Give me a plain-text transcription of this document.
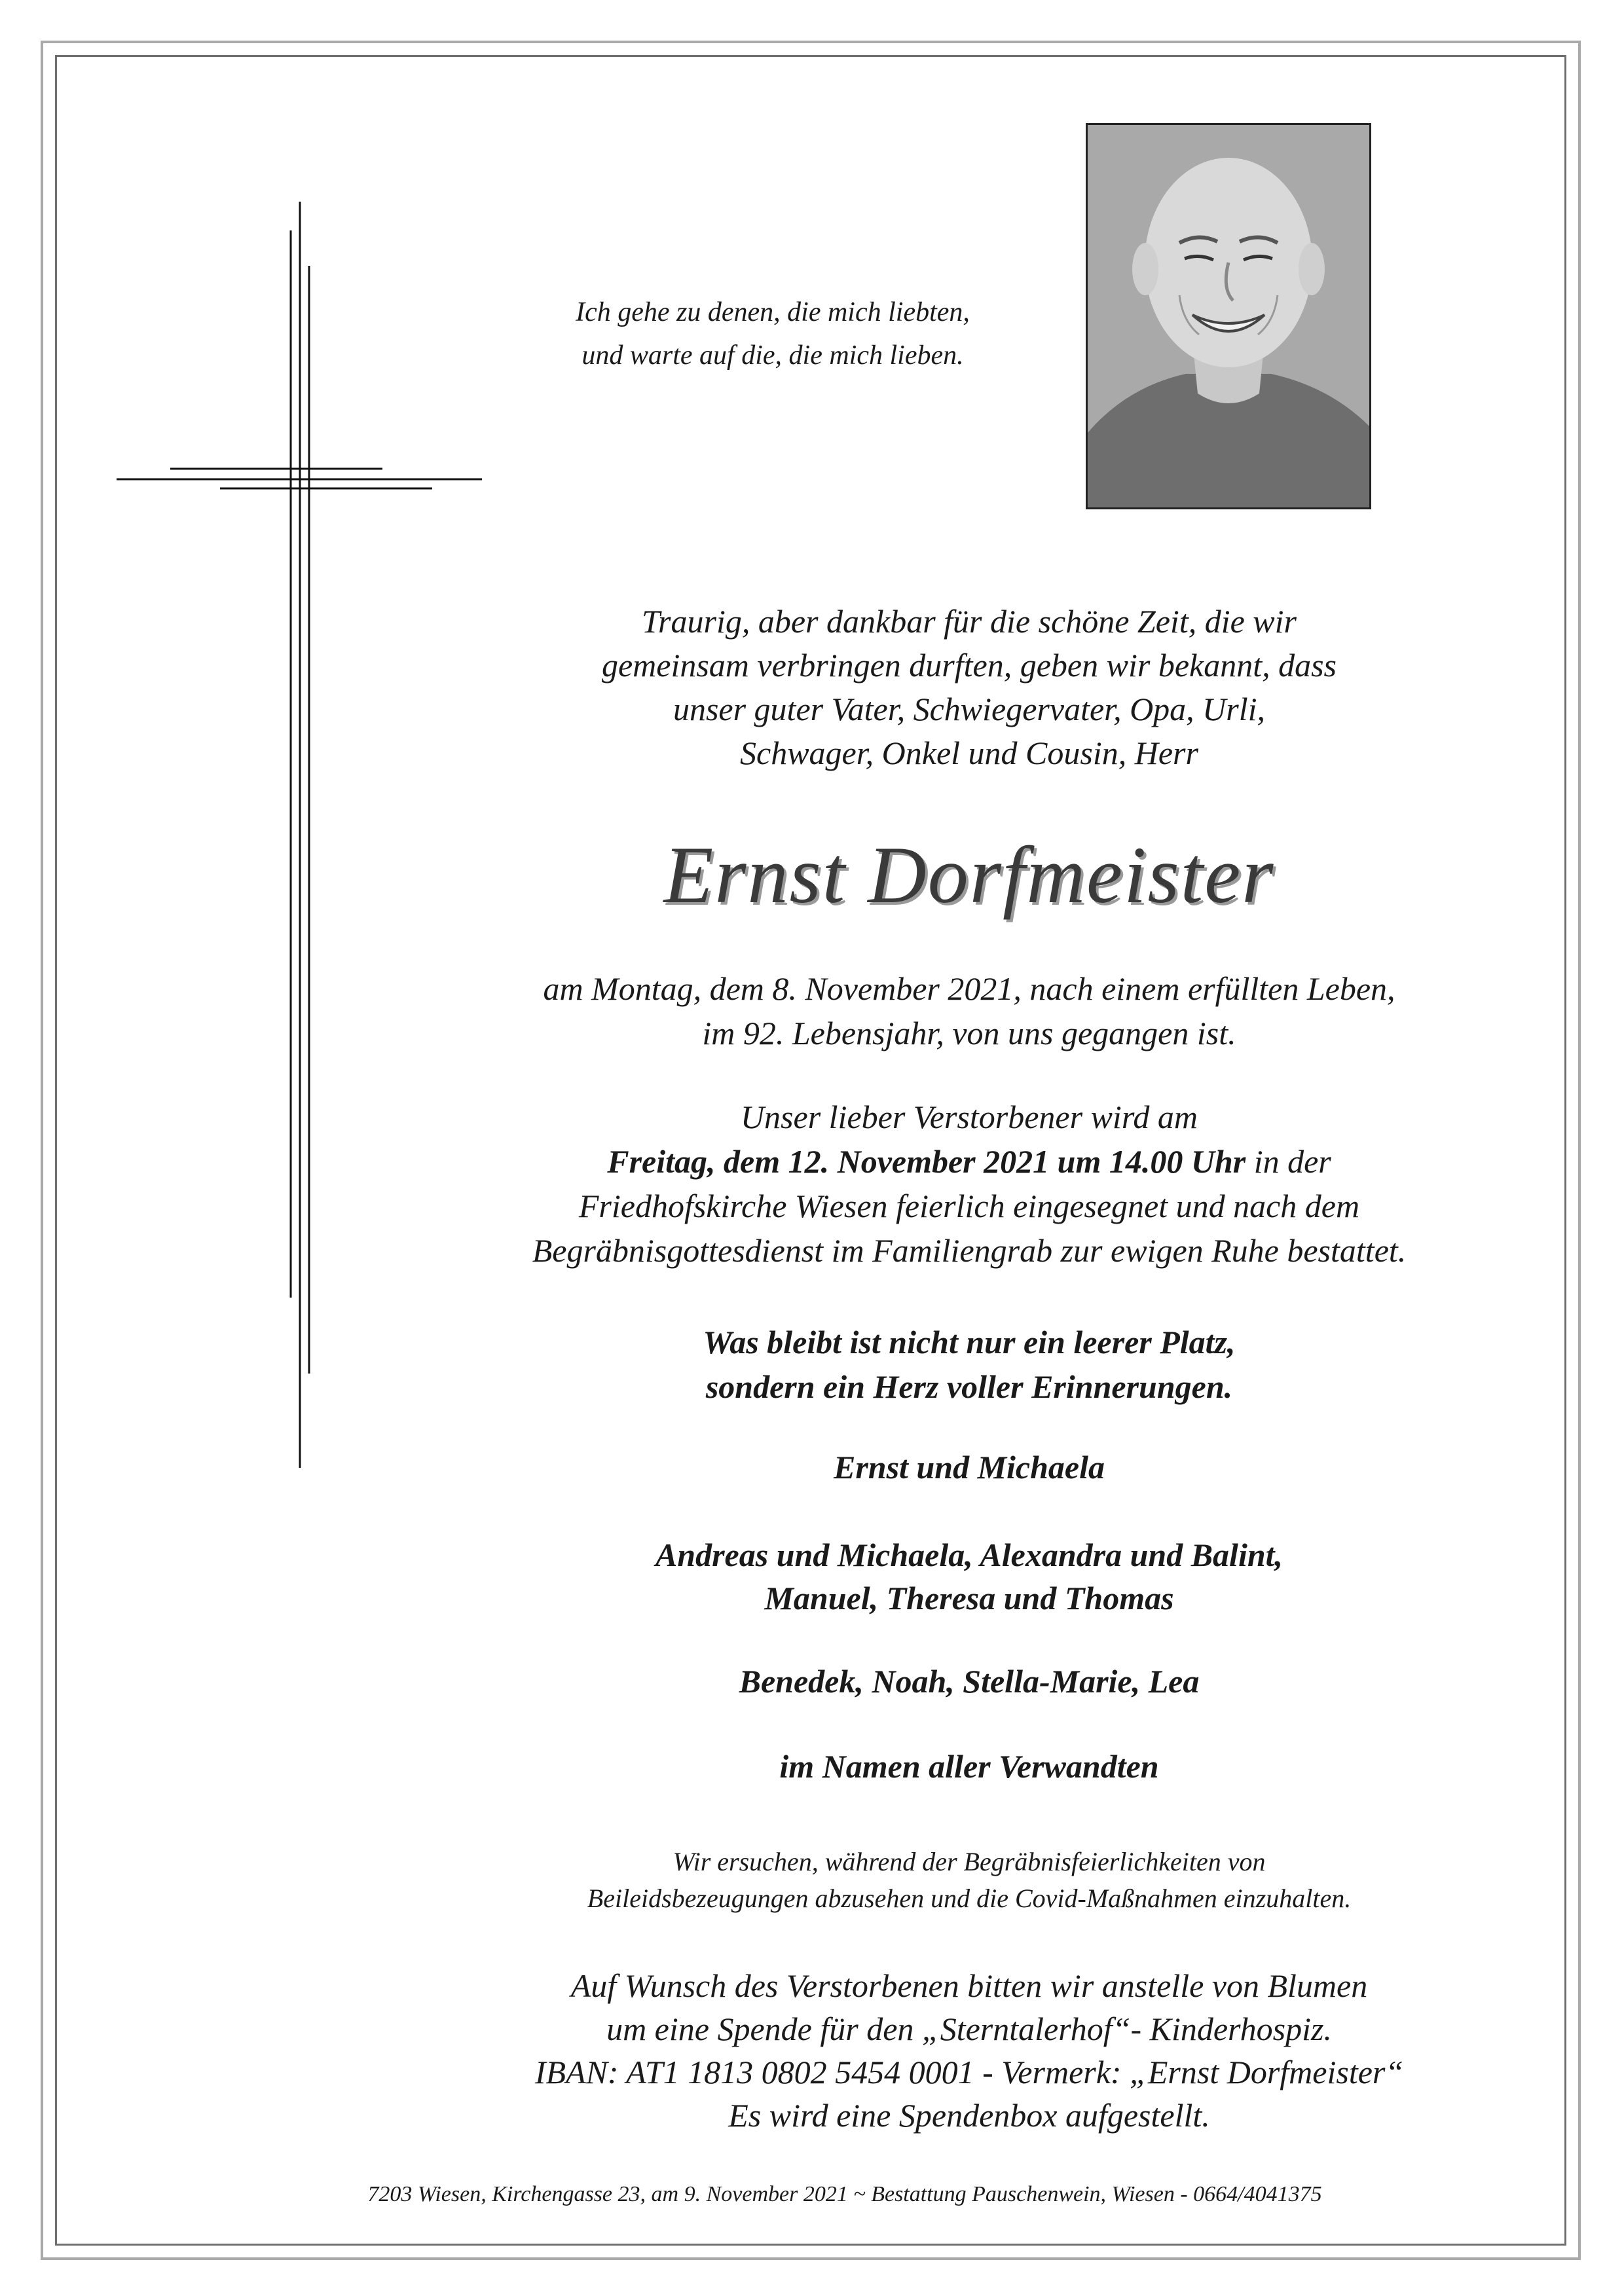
Ich gehe zu denen, die mich liebten,
und warte auf die, die mich lieben.
Traurig, aber dankbar für die schöne Zeit, die wir
gemeinsam verbringen durften, geben wir bekannt, dass
unser guter Vater, Schwiegervater, Opa, Urli,
Schwager, Onkel und Cousin, Herr
Ernst Dorfmeister
am Montag, dem 8. November 2021, nach einem erfüllten Leben,
im 92. Lebensjahr, von uns gegangen ist.
Unser lieber Verstorbener wird am
Freitag, dem 12. November 2021 um 14.00 Uhr in der
Friedhofskirche Wiesen feierlich eingesegnet und nach dem
Begräbnisgottesdienst im Familiengrab zur ewigen Ruhe bestattet.
Was bleibt ist nicht nur ein leerer Platz,
sondern ein Herz voller Erinnerungen.
Ernst und Michaela
Andreas und Michaela, Alexandra und Balint,
Manuel, Theresa und Thomas
Benedek, Noah, Stella-Marie, Lea
im Namen aller Verwandten
Wir ersuchen, während der Begräbnisfeierlichkeiten von
Beileidsbezeugungen abzusehen und die Covid-Maßnahmen einzuhalten.
Auf Wunsch des Verstorbenen bitten wir anstelle von Blumen
um eine Spende für den „Sterntalerhof“- Kinderhospiz.
IBAN: AT1 1813 0802 5454 0001 - Vermerk: „Ernst Dorfmeister“
Es wird eine Spendenbox aufgestellt.
7203 Wiesen, Kirchengasse 23, am 9. November 2021 ~ Bestattung Pauschenwein, Wiesen - 0664/4041375
